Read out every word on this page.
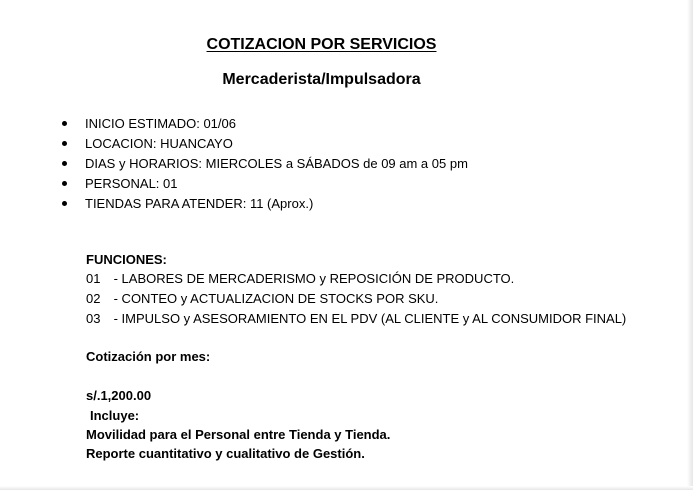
COTIZACION POR SERVICIOS
Mercaderista/Impulsadora
INICIO ESTIMADO: 01/06
LOCACION: HUANCAYO
DIAS y HORARIOS: MIERCOLES a SÁBADOS de 09 am a 05 pm
PERSONAL: 01
TIENDAS PARA ATENDER: 11 (Aprox.)
FUNCIONES:
01 - LABORES DE MERCADERISMO y REPOSICIÓN DE PRODUCTO.
02 - CONTEO y ACTUALIZACION DE STOCKS POR SKU.
03 - IMPULSO y ASESORAMIENTO EN EL PDV (AL CLIENTE y AL CONSUMIDOR FINAL)
Cotización por mes:
s/.1,200.00
Incluye:
Movilidad para el Personal entre Tienda y Tienda.
Reporte cuantitativo y cualitativo de Gestión.
